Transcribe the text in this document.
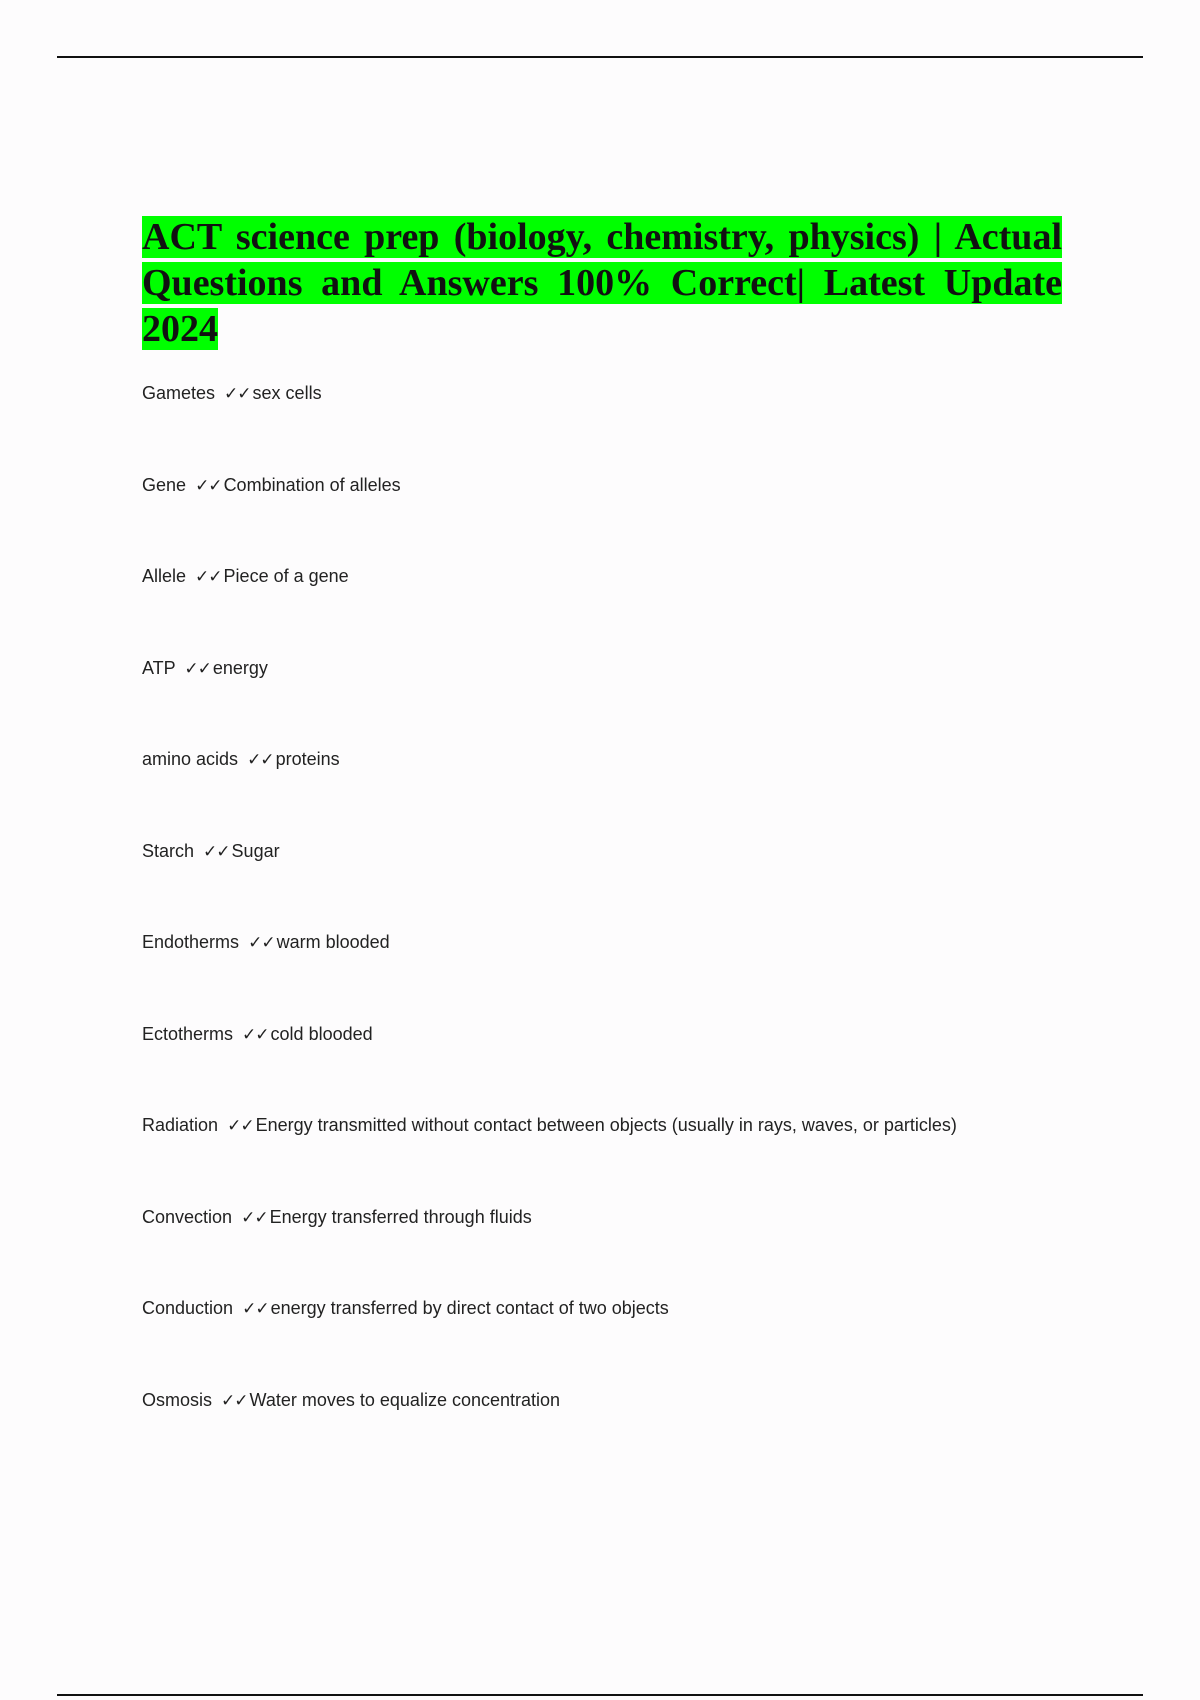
ACT science prep (biology, chemistry, physics) | Actual Questions and Answers 100% Correct| Latest Update 2024
Gametes ✓✓ sex cells
Gene ✓✓ Combination of alleles
Allele ✓✓ Piece of a gene
ATP ✓✓ energy
amino acids ✓✓ proteins
Starch ✓✓ Sugar
Endotherms ✓✓ warm blooded
Ectotherms ✓✓ cold blooded
Radiation ✓✓ Energy transmitted without contact between objects (usually in rays, waves, or particles)
Convection ✓✓ Energy transferred through fluids
Conduction ✓✓ energy transferred by direct contact of two objects
Osmosis ✓✓ Water moves to equalize concentration
